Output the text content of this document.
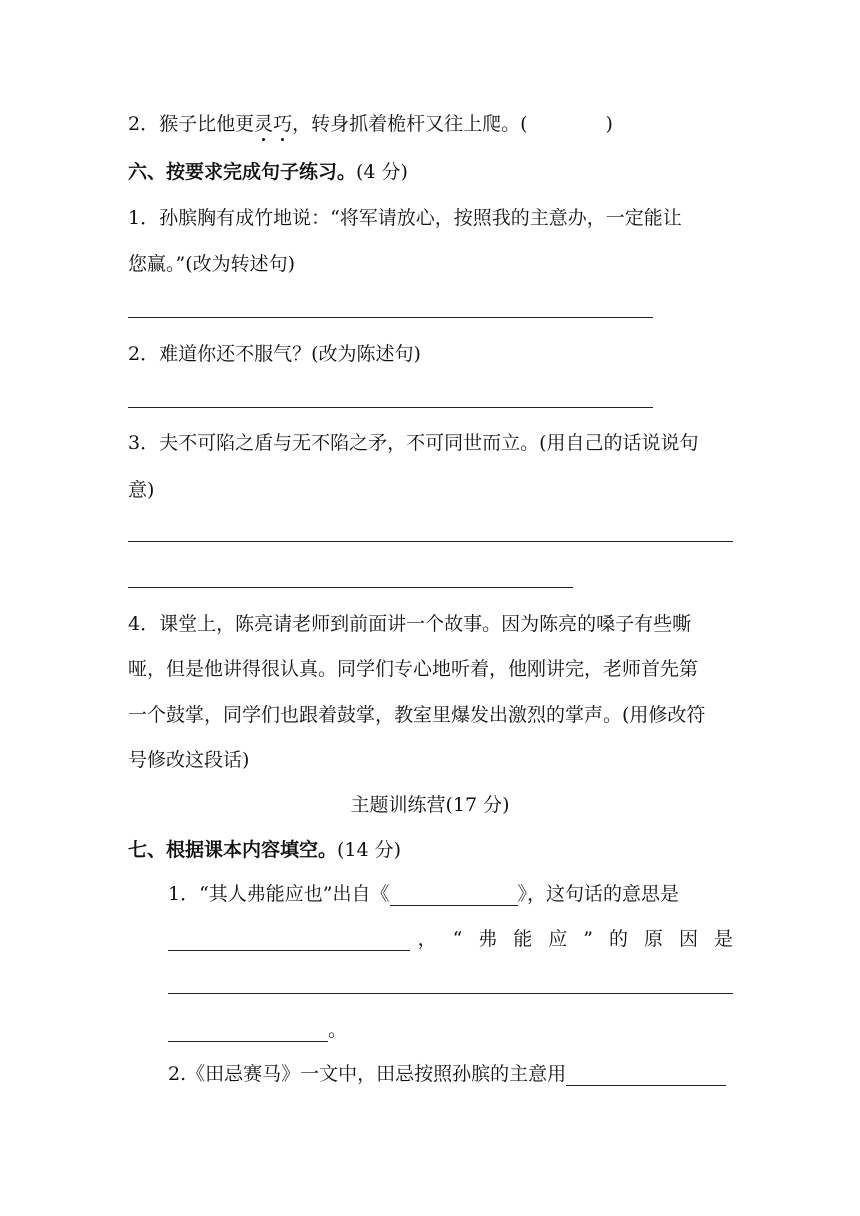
2．猴子比他更灵巧，转身抓着桅杆又往上爬。(	)
六、按要求完成句子练习。(4 分)
1．孙膑胸有成竹地说：“将军请放心，按照我的主意办，一定能让
您赢。”(改为转述句)
2．难道你还不服气？(改为陈述句)
3．夫不可陷之盾与无不陷之矛，不可同世而立。(用自己的话说说句
意)
4．课堂上，陈亮请老师到前面讲一个故事。因为陈亮的嗓子有些嘶
哑，但是他讲得很认真。同学们专心地听着，他刚讲完，老师首先第
一个鼓掌，同学们也跟着鼓掌，教室里爆发出激烈的掌声。(用修改符
号修改这段话)
主题训练营(17 分)
七、根据课本内容填空。(14 分)
1．“其人弗能应也”出自《	》，这句话的意思是
，“弗能应”的原因是
。
2.《田忌赛马》一文中，田忌按照孙膑的主意用
